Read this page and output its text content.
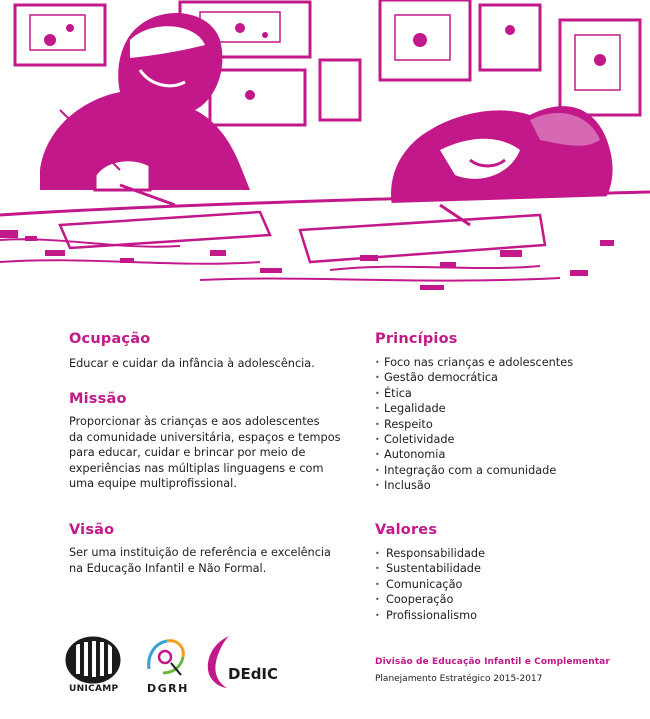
Ocupação

Educar e cuidar da infância à adolescência.

Missão

Proporcionar às crianças e aos adolescentes

da comunidade universitária, espaços e tempos

para educar, cuidar e brincar por meio de

experiências nas múltiplas linguagens e com

uma equipe multiprofissional.

Visão

Ser uma instituição de referência e excelência

na Educação Infantil e Não Formal.

Princípios
• Foco nas crianças e adolescentes
• Gestão democrática
• Ética
• Legalidade
• Respeito
• Coletividade
• Autonomia
• Integração com a comunidade
• Inclusão
Valores
• Responsabilidade
• Sustentabilidade
• Comunicação
• Cooperação
• Profissionalismo
UNICAMP	DGRH
DEdIC
Divisão de Educação Infantil e Complementar
Planejamento Estratégico 2015-2017
